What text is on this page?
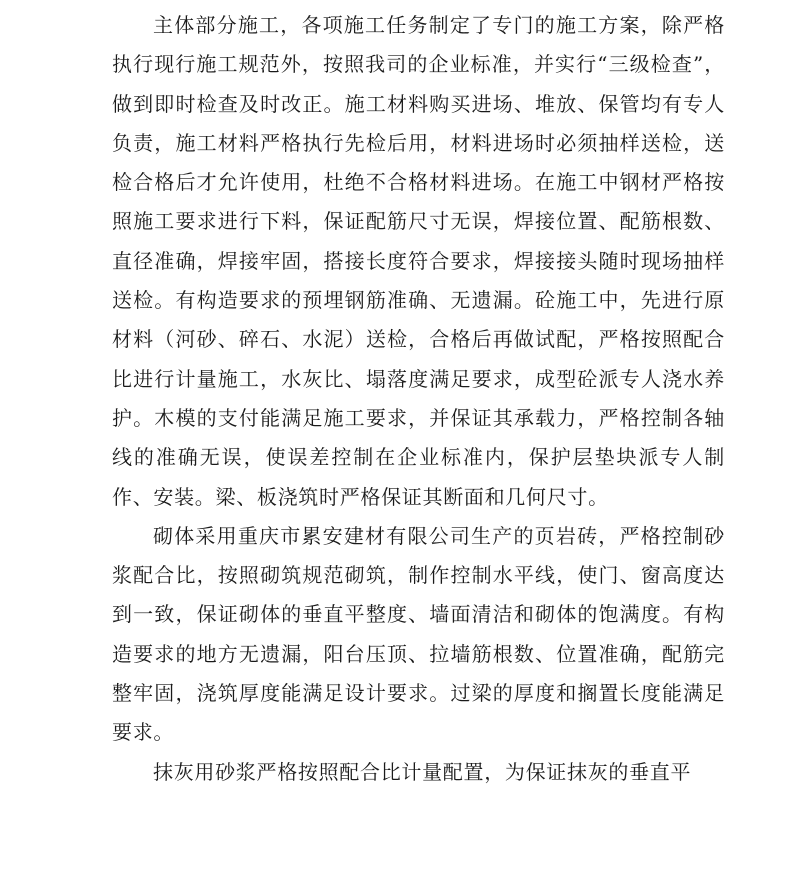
主体部分施工，各项施工任务制定了专门的施工方案，除严格执行现行施工规范外，按照我司的企业标准，并实行“三级检查”，做到即时检查及时改正。施工材料购买进场、堆放、保管均有专人负责，施工材料严格执行先检后用，材料进场时必须抽样送检，送检合格后才允许使用，杜绝不合格材料进场。在施工中钢材严格按照施工要求进行下料，保证配筋尺寸无误，焊接位置、配筋根数、直径准确，焊接牢固，搭接长度符合要求，焊接接头随时现场抽样送检。有构造要求的预埋钢筋准确、无遗漏。砼施工中，先进行原材料（河砂、碎石、水泥）送检，合格后再做试配，严格按照配合比进行计量施工，水灰比、塌落度满足要求，成型砼派专人浇水养护。木模的支付能满足施工要求，并保证其承载力，严格控制各轴线的准确无误，使误差控制在企业标准内，保护层垫块派专人制作、安装。梁、板浇筑时严格保证其断面和几何尺寸。

砌体采用重庆市累安建材有限公司生产的页岩砖，严格控制砂浆配合比，按照砌筑规范砌筑，制作控制水平线，使门、窗高度达到一致，保证砌体的垂直平整度、墙面清洁和砌体的饱满度。有构造要求的地方无遗漏，阳台压顶、拉墙筋根数、位置准确，配筋完整牢固，浇筑厚度能满足设计要求。过梁的厚度和搁置长度能满足要求。

抹灰用砂浆严格按照配合比计量配置，为保证抹灰的垂直平
